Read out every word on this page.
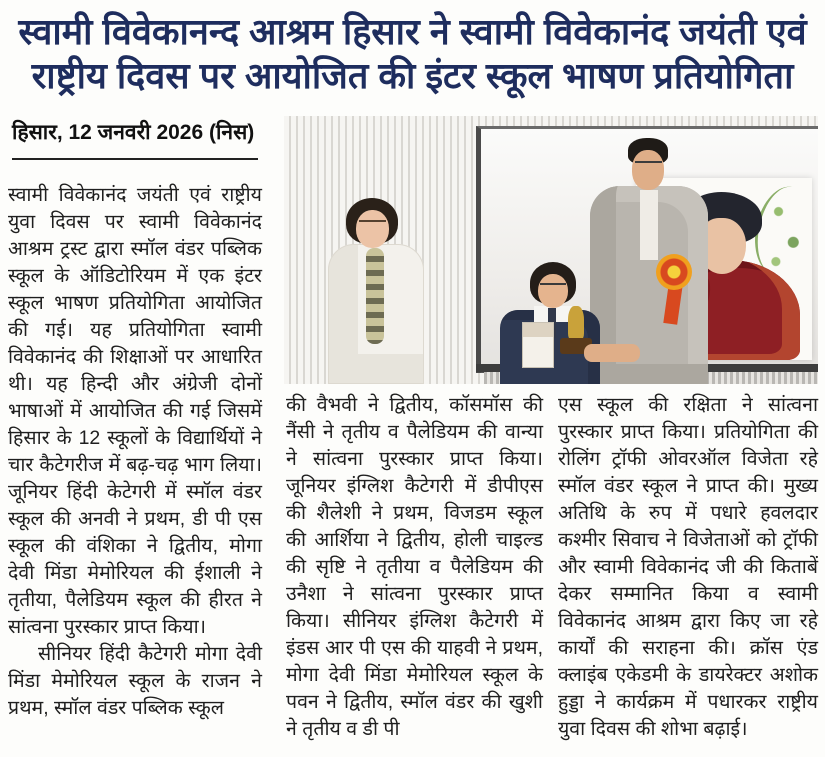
स्वामी विवेकानन्द आश्रम हिसार ने स्वामी विवेकानंद जयंती एवं
राष्ट्रीय दिवस पर आयोजित की इंटर स्कूल भाषण प्रतियोगिता
हिसार, 12 जनवरी 2026 (निस)

स्वामी विवेकानंद जयंती एवं राष्ट्रीय युवा दिवस पर स्वामी विवेकानंद आश्रम ट्रस्ट द्वारा स्मॉल वंडर पब्लिक स्कूल के ऑडिटोरियम में एक इंटर स्कूल भाषण प्रतियोगिता आयोजित की गई। यह प्रतियोगिता स्वामी विवेकानंद की शिक्षाओं पर आधारित थी। यह हिन्दी और अंग्रेजी दोनों भाषाओं में आयोजित की गई जिसमें हिसार के 12 स्कूलों के विद्यार्थियों ने चार कैटेगरीज में बढ़-चढ़ भाग लिया। जूनियर हिंदी केटेगरी में स्मॉल वंडर स्कूल की अनवी ने प्रथम, डी पी एस स्कूल की वंशिका ने द्वितीय, मोगा देवी मिंडा मेमोरियल की ईशाली ने तृतीया, पैलेडियम स्कूल की हीरत ने सांत्वना पुरस्कार प्राप्त किया।

सीनियर हिंदी कैटेगरी मोगा देवी मिंडा मेमोरियल स्कूल के राजन ने प्रथम, स्मॉल वंडर पब्लिक स्कूल

की वैभवी ने द्वितीय, कॉसमॉस की नैंसी ने तृतीय व पैलेडियम की वान्या ने सांत्वना पुरस्कार प्राप्त किया। जूनियर इंग्लिश कैटेगरी में डीपीएस की शैलेशी ने प्रथम, विजडम स्कूल की आर्शिया ने द्वितीय, होली चाइल्ड की सृष्टि ने तृतीया व पैलेडियम की उनैशा ने सांत्वना पुरस्कार प्राप्त किया। सीनियर इंग्लिश कैटेगरी में इंडस आर पी एस की याहवी ने प्रथम, मोगा देवी मिंडा मेमोरियल स्कूल के पवन ने द्वितीय, स्मॉल वंडर की खुशी ने तृतीय व डी पी

एस स्कूल की रक्षिता ने सांत्वना पुरस्कार प्राप्त किया। प्रतियोगिता की रोलिंग ट्रॉफी ओवरऑल विजेता रहे स्मॉल वंडर स्कूल ने प्राप्त की। मुख्य अतिथि के रुप में पधारे हवलदार कश्मीर सिवाच ने विजेताओं को ट्रॉफी और स्वामी विवेकानंद जी की किताबें देकर सम्मानित किया व स्वामी विवेकानंद आश्रम द्वारा किए जा रहे कार्यों की सराहना की। क्रॉस एंड क्लाइंब एकेडमी के डायरेक्टर अशोक हुड्डा ने कार्यक्रम में पधारकर राष्ट्रीय युवा दिवस की शोभा बढ़ाई।
